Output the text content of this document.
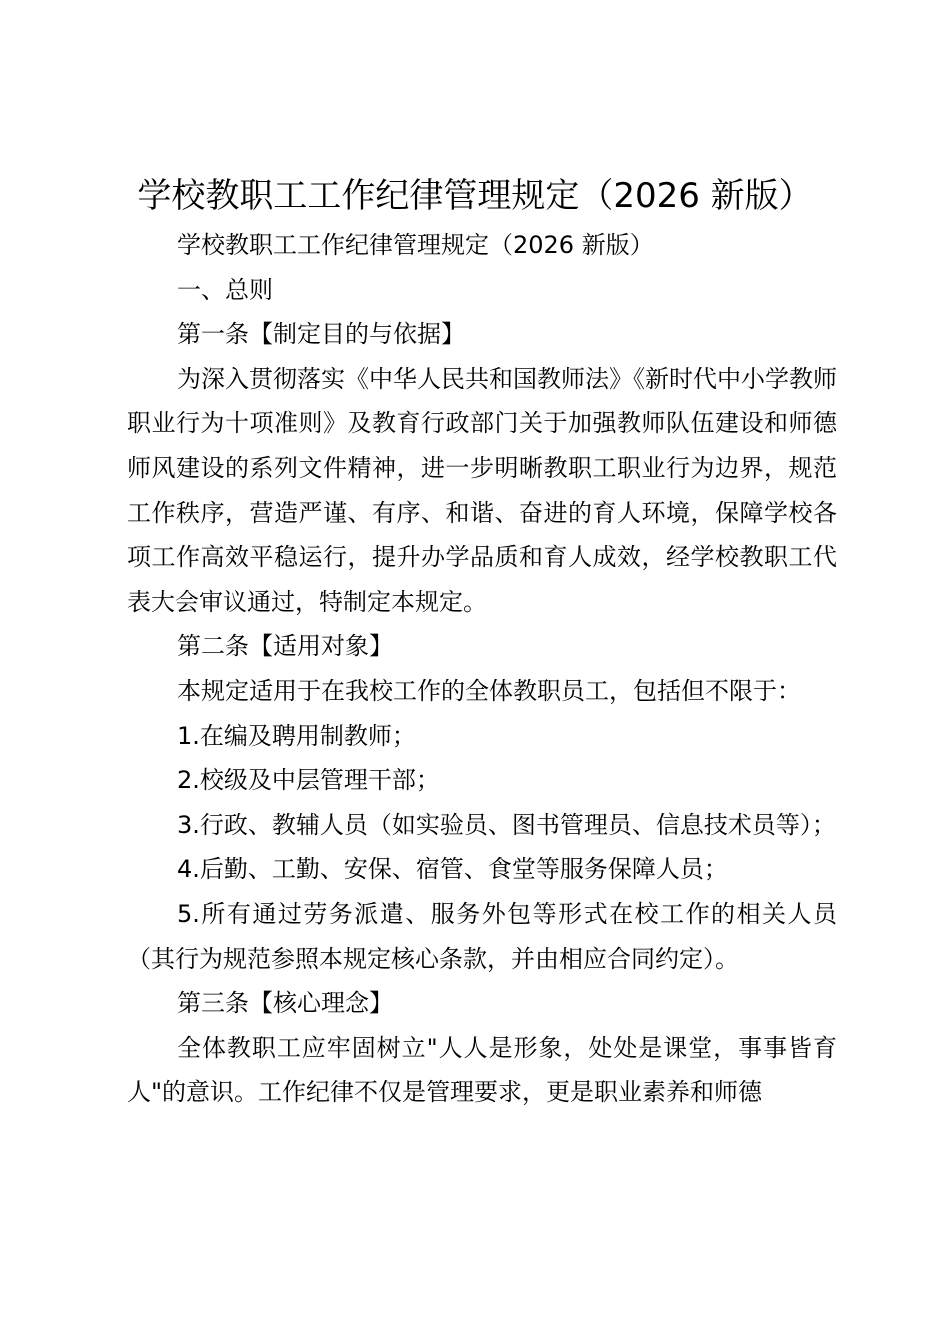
学校教职工工作纪律管理规定（2026 新版）

学校教职工工作纪律管理规定（2026 新版）

一、总则

第一条【制定目的与依据】

为深入贯彻落实《中华人民共和国教师法》《新时代中小学教师职业行为十项准则》及教育行政部门关于加强教师队伍建设和师德师风建设的系列文件精神，进一步明晰教职工职业行为边界，规范工作秩序，营造严谨、有序、和谐、奋进的育人环境，保障学校各项工作高效平稳运行，提升办学品质和育人成效，经学校教职工代表大会审议通过，特制定本规定。

第二条【适用对象】

本规定适用于在我校工作的全体教职员工，包括但不限于：

1.在编及聘用制教师；

2.校级及中层管理干部；

3.行政、教辅人员（如实验员、图书管理员、信息技术员等）；

4.后勤、工勤、安保、宿管、食堂等服务保障人员；

5.所有通过劳务派遣、服务外包等形式在校工作的相关人员（其行为规范参照本规定核心条款，并由相应合同约定）。

第三条【核心理念】

全体教职工应牢固树立"人人是形象，处处是课堂，事事皆育人"的意识。工作纪律不仅是管理要求，更是职业素养和师德
